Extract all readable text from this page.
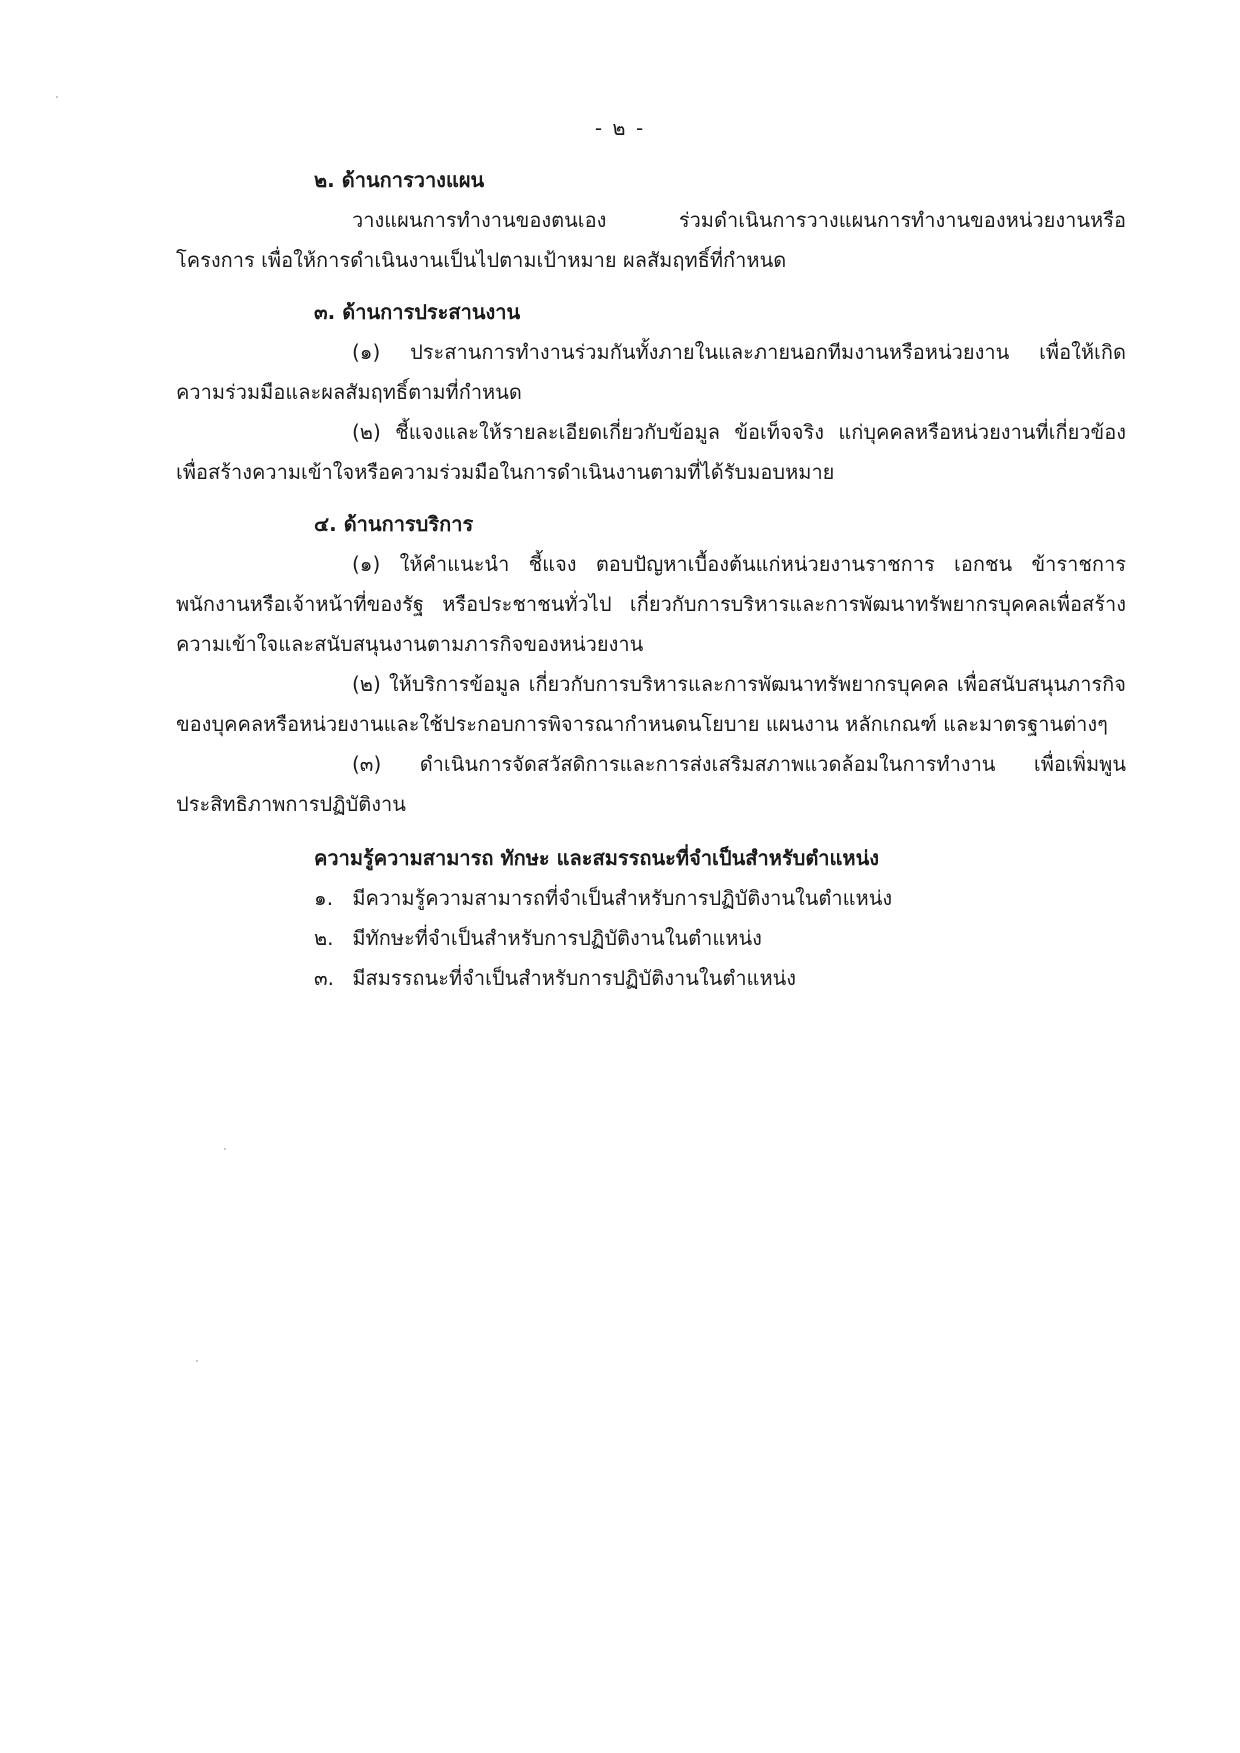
- ๒ -
๒. ด้านการวางแผน
วางแผนการทำงานของตนเอง ร่วมดำเนินการวางแผนการทำงานของหน่วยงานหรือโครงการ เพื่อให้การดำเนินงานเป็นไปตามเป้าหมาย ผลสัมฤทธิ์ที่กำหนด
๓. ด้านการประสานงาน
(๑) ประสานการทำงานร่วมกันทั้งภายในและภายนอกทีมงานหรือหน่วยงาน เพื่อให้เกิดความร่วมมือและผลสัมฤทธิ์ตามที่กำหนด
(๒) ชี้แจงและให้รายละเอียดเกี่ยวกับข้อมูล ข้อเท็จจริง แก่บุคคลหรือหน่วยงานที่เกี่ยวข้องเพื่อสร้างความเข้าใจหรือความร่วมมือในการดำเนินงานตามที่ได้รับมอบหมาย
๔. ด้านการบริการ
(๑) ให้คำแนะนำ ชี้แจง ตอบปัญหาเบื้องต้นแก่หน่วยงานราชการ เอกชน ข้าราชการพนักงานหรือเจ้าหน้าที่ของรัฐ หรือประชาชนทั่วไป เกี่ยวกับการบริหารและการพัฒนาทรัพยากรบุคคลเพื่อสร้างความเข้าใจและสนับสนุนงานตามภารกิจของหน่วยงาน
(๒) ให้บริการข้อมูล เกี่ยวกับการบริหารและการพัฒนาทรัพยากรบุคคล เพื่อสนับสนุนภารกิจของบุคคลหรือหน่วยงานและใช้ประกอบการพิจารณากำหนดนโยบาย แผนงาน หลักเกณฑ์ และมาตรฐานต่างๆ
(๓) ดำเนินการจัดสวัสดิการและการส่งเสริมสภาพแวดล้อมในการทำงาน เพื่อเพิ่มพูนประสิทธิภาพการปฏิบัติงาน
ความรู้ความสามารถ ทักษะ และสมรรถนะที่จำเป็นสำหรับตำแหน่ง
๑. มีความรู้ความสามารถที่จำเป็นสำหรับการปฏิบัติงานในตำแหน่ง
๒. มีทักษะที่จำเป็นสำหรับการปฏิบัติงานในตำแหน่ง
๓. มีสมรรถนะที่จำเป็นสำหรับการปฏิบัติงานในตำแหน่ง
